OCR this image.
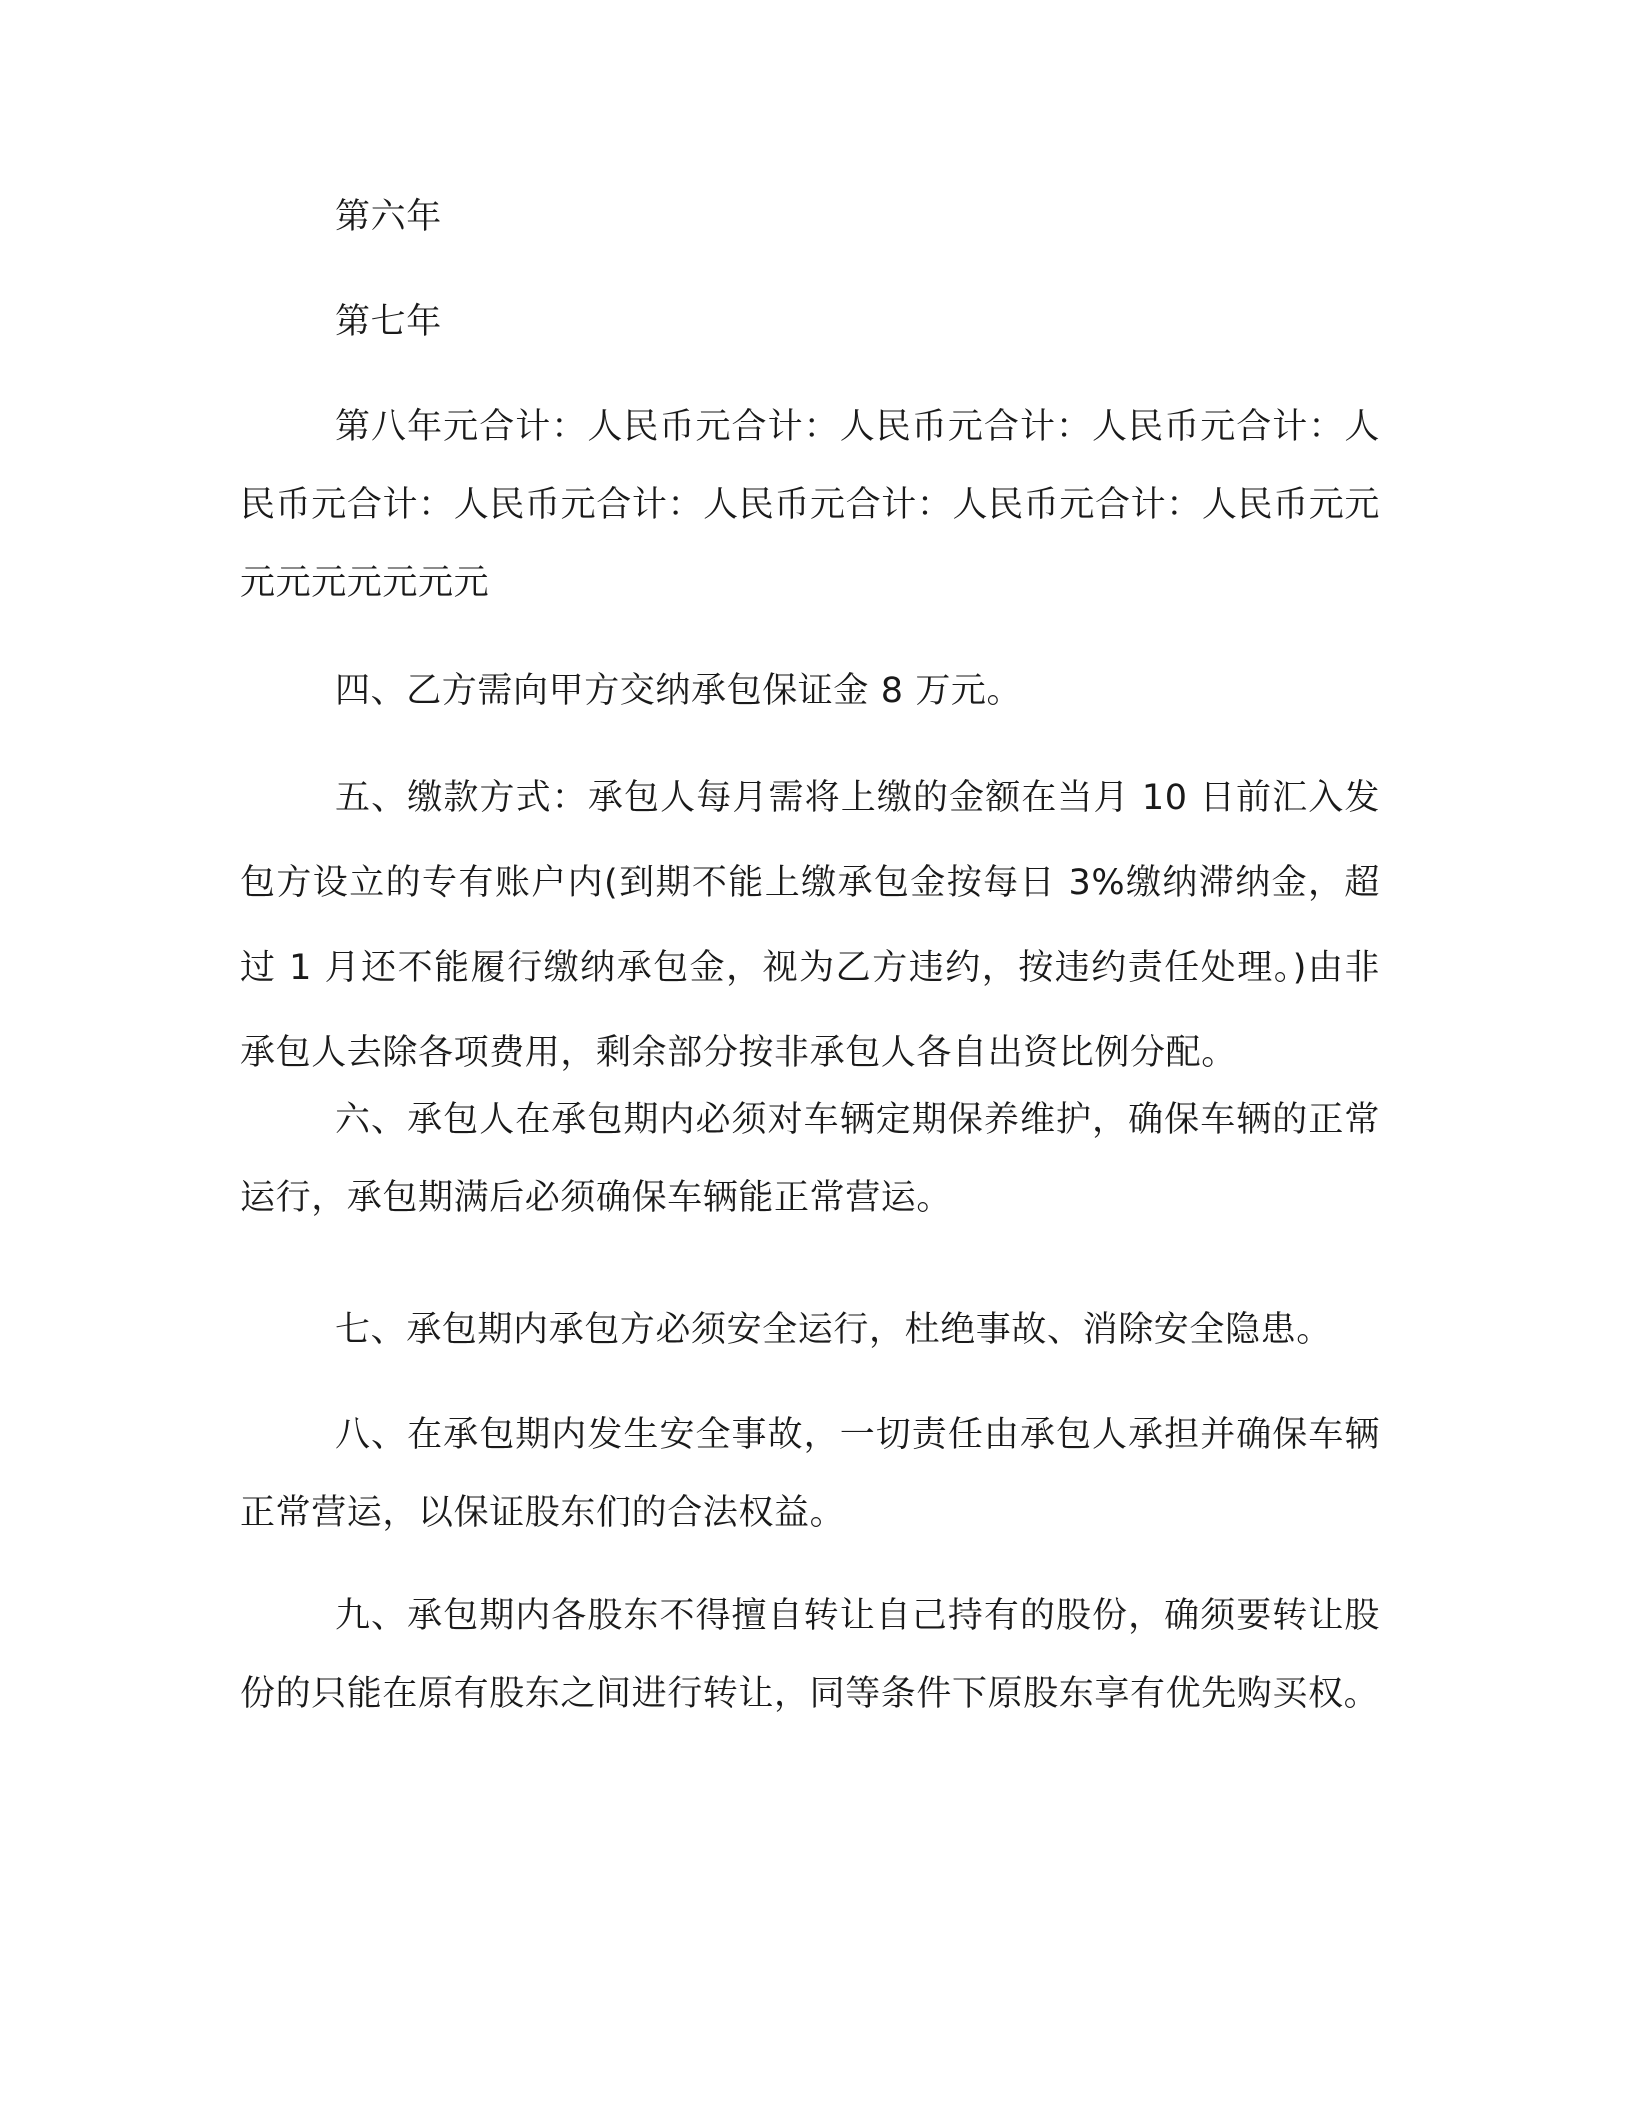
第六年

第七年

第八年元合计：人民币元合计：人民币元合计：人民币元合计：人民币元合计：人民币元合计：人民币元合计：人民币元合计：人民币元元元元元元元元元

四、乙方需向甲方交纳承包保证金 8 万元。

五、缴款方式：承包人每月需将上缴的金额在当月 10 日前汇入发包方设立的专有账户内(到期不能上缴承包金按每日 3%缴纳滞纳金，超过 1 月还不能履行缴纳承包金，视为乙方违约，按违约责任处理。)由非承包人去除各项费用，剩余部分按非承包人各自出资比例分配。

六、承包人在承包期内必须对车辆定期保养维护，确保车辆的正常运行，承包期满后必须确保车辆能正常营运。

七、承包期内承包方必须安全运行，杜绝事故、消除安全隐患。

八、在承包期内发生安全事故，一切责任由承包人承担并确保车辆正常营运，以保证股东们的合法权益。

九、承包期内各股东不得擅自转让自己持有的股份，确须要转让股份的只能在原有股东之间进行转让，同等条件下原股东享有优先购买权。
